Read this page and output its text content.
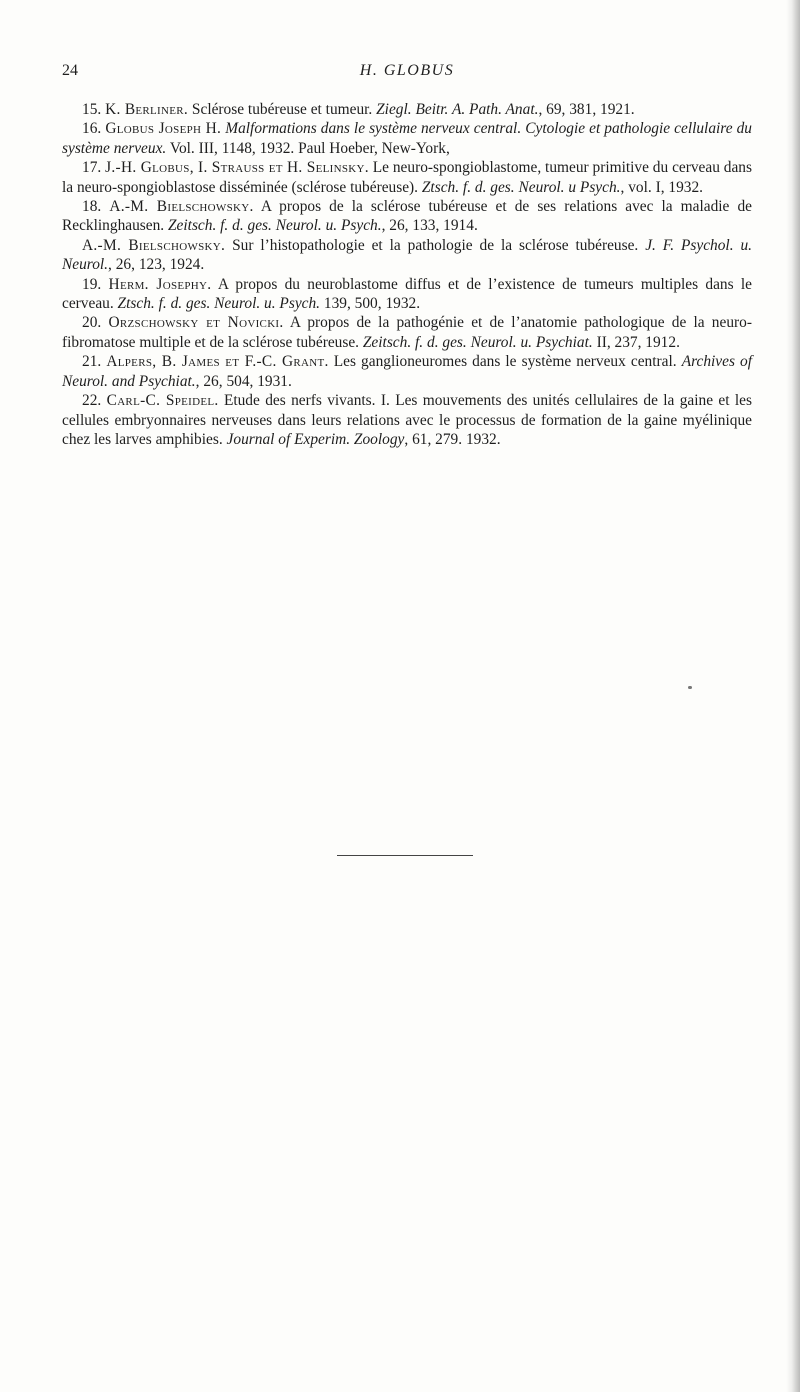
24	H. GLOBUS

15. K. Berliner. Sclérose tubéreuse et tumeur. Ziegl. Beitr. A. Path. Anat., 69, 381, 1921.

16. Globus Joseph H. Malformations dans le système nerveux central. Cytologie et pathologie cellulaire du système nerveux. Vol. III, 1148, 1932. Paul Hoeber, New-York,

17. J.-H. Globus, I. Strauss et H. Selinsky. Le neuro-spongioblastome, tumeur primitive du cerveau dans la neuro-spongioblastose disséminée (sclérose tubéreuse). Ztsch. f. d. ges. Neurol. u Psych., vol. I, 1932.

18. A.-M. Bielschowsky. A propos de la sclérose tubéreuse et de ses relations avec la maladie de Recklinghausen. Zeitsch. f. d. ges. Neurol. u. Psych., 26, 133, 1914.

A.-M. Bielschowsky. Sur l’histopathologie et la pathologie de la sclérose tubéreuse. J. F. Psychol. u. Neurol., 26, 123, 1924.

19. Herm. Josephy. A propos du neuroblastome diffus et de l’existence de tumeurs multiples dans le cerveau. Ztsch. f. d. ges. Neurol. u. Psych. 139, 500, 1932.

20. Orzschowsky et Novicki. A propos de la pathogénie et de l’anatomie pathologique de la neuro-fibromatose multiple et de la sclérose tubéreuse. Zeitsch. f. d. ges. Neurol. u. Psychiat. II, 237, 1912.

21. Alpers, B. James et F.-C. Grant. Les ganglioneuromes dans le système nerveux central. Archives of Neurol. and Psychiat., 26, 504, 1931.

22. Carl-C. Speidel. Etude des nerfs vivants. I. Les mouvements des unités cellulaires de la gaine et les cellules embryonnaires nerveuses dans leurs relations avec le processus de formation de la gaine myélinique chez les larves amphibies. Journal of Experim. Zoology, 61, 279. 1932.
